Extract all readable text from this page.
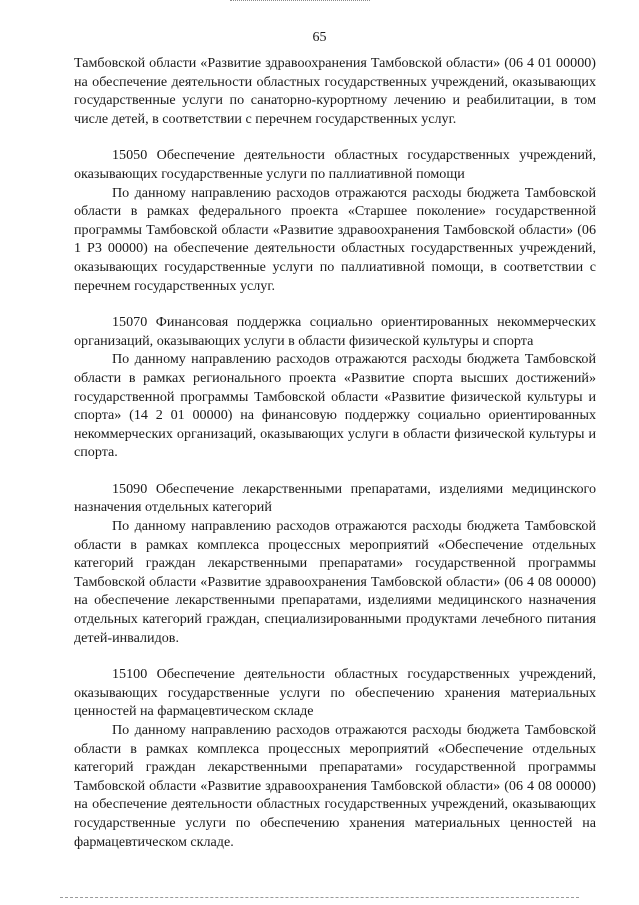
65

Тамбовской области «Развитие здравоохранения Тамбовской области» (06 4 01 00000) на обеспечение деятельности областных государственных учреждений, оказывающих государственные услуги по санаторно-курортному лечению и реабилитации, в том числе детей, в соответствии с перечнем государственных услуг.

15050 Обеспечение деятельности областных государственных учреждений, оказывающих государственные услуги по паллиативной помощи

По данному направлению расходов отражаются расходы бюджета Тамбовской области в рамках федерального проекта «Старшее поколение» государственной программы Тамбовской области «Развитие здравоохранения Тамбовской области» (06 1 Р3 00000) на обеспечение деятельности областных государственных учреждений, оказывающих государственные услуги по паллиативной помощи, в соответствии с перечнем государственных услуг.

15070 Финансовая поддержка социально ориентированных некоммерческих организаций, оказывающих услуги в области физической культуры и спорта

По данному направлению расходов отражаются расходы бюджета Тамбовской области в рамках регионального проекта «Развитие спорта высших достижений» государственной программы Тамбовской области «Развитие физической культуры и спорта» (14 2 01 00000) на финансовую поддержку социально ориентированных некоммерческих организаций, оказывающих услуги в области физической культуры и спорта.

15090 Обеспечение лекарственными препаратами, изделиями медицинского назначения отдельных категорий

По данному направлению расходов отражаются расходы бюджета Тамбовской области в рамках комплекса процессных мероприятий «Обеспечение отдельных категорий граждан лекарственными препаратами» государственной программы Тамбовской области «Развитие здравоохранения Тамбовской области» (06 4 08 00000) на обеспечение лекарственными препаратами, изделиями медицинского назначения отдельных категорий граждан, специализированными продуктами лечебного питания детей-инвалидов.

15100 Обеспечение деятельности областных государственных учреждений, оказывающих государственные услуги по обеспечению хранения материальных ценностей на фармацевтическом складе

По данному направлению расходов отражаются расходы бюджета Тамбовской области в рамках комплекса процессных мероприятий «Обеспечение отдельных категорий граждан лекарственными препаратами» государственной программы Тамбовской области «Развитие здравоохранения Тамбовской области» (06 4 08 00000) на обеспечение деятельности областных государственных учреждений, оказывающих государственные услуги по обеспечению хранения материальных ценностей на фармацевтическом складе.
